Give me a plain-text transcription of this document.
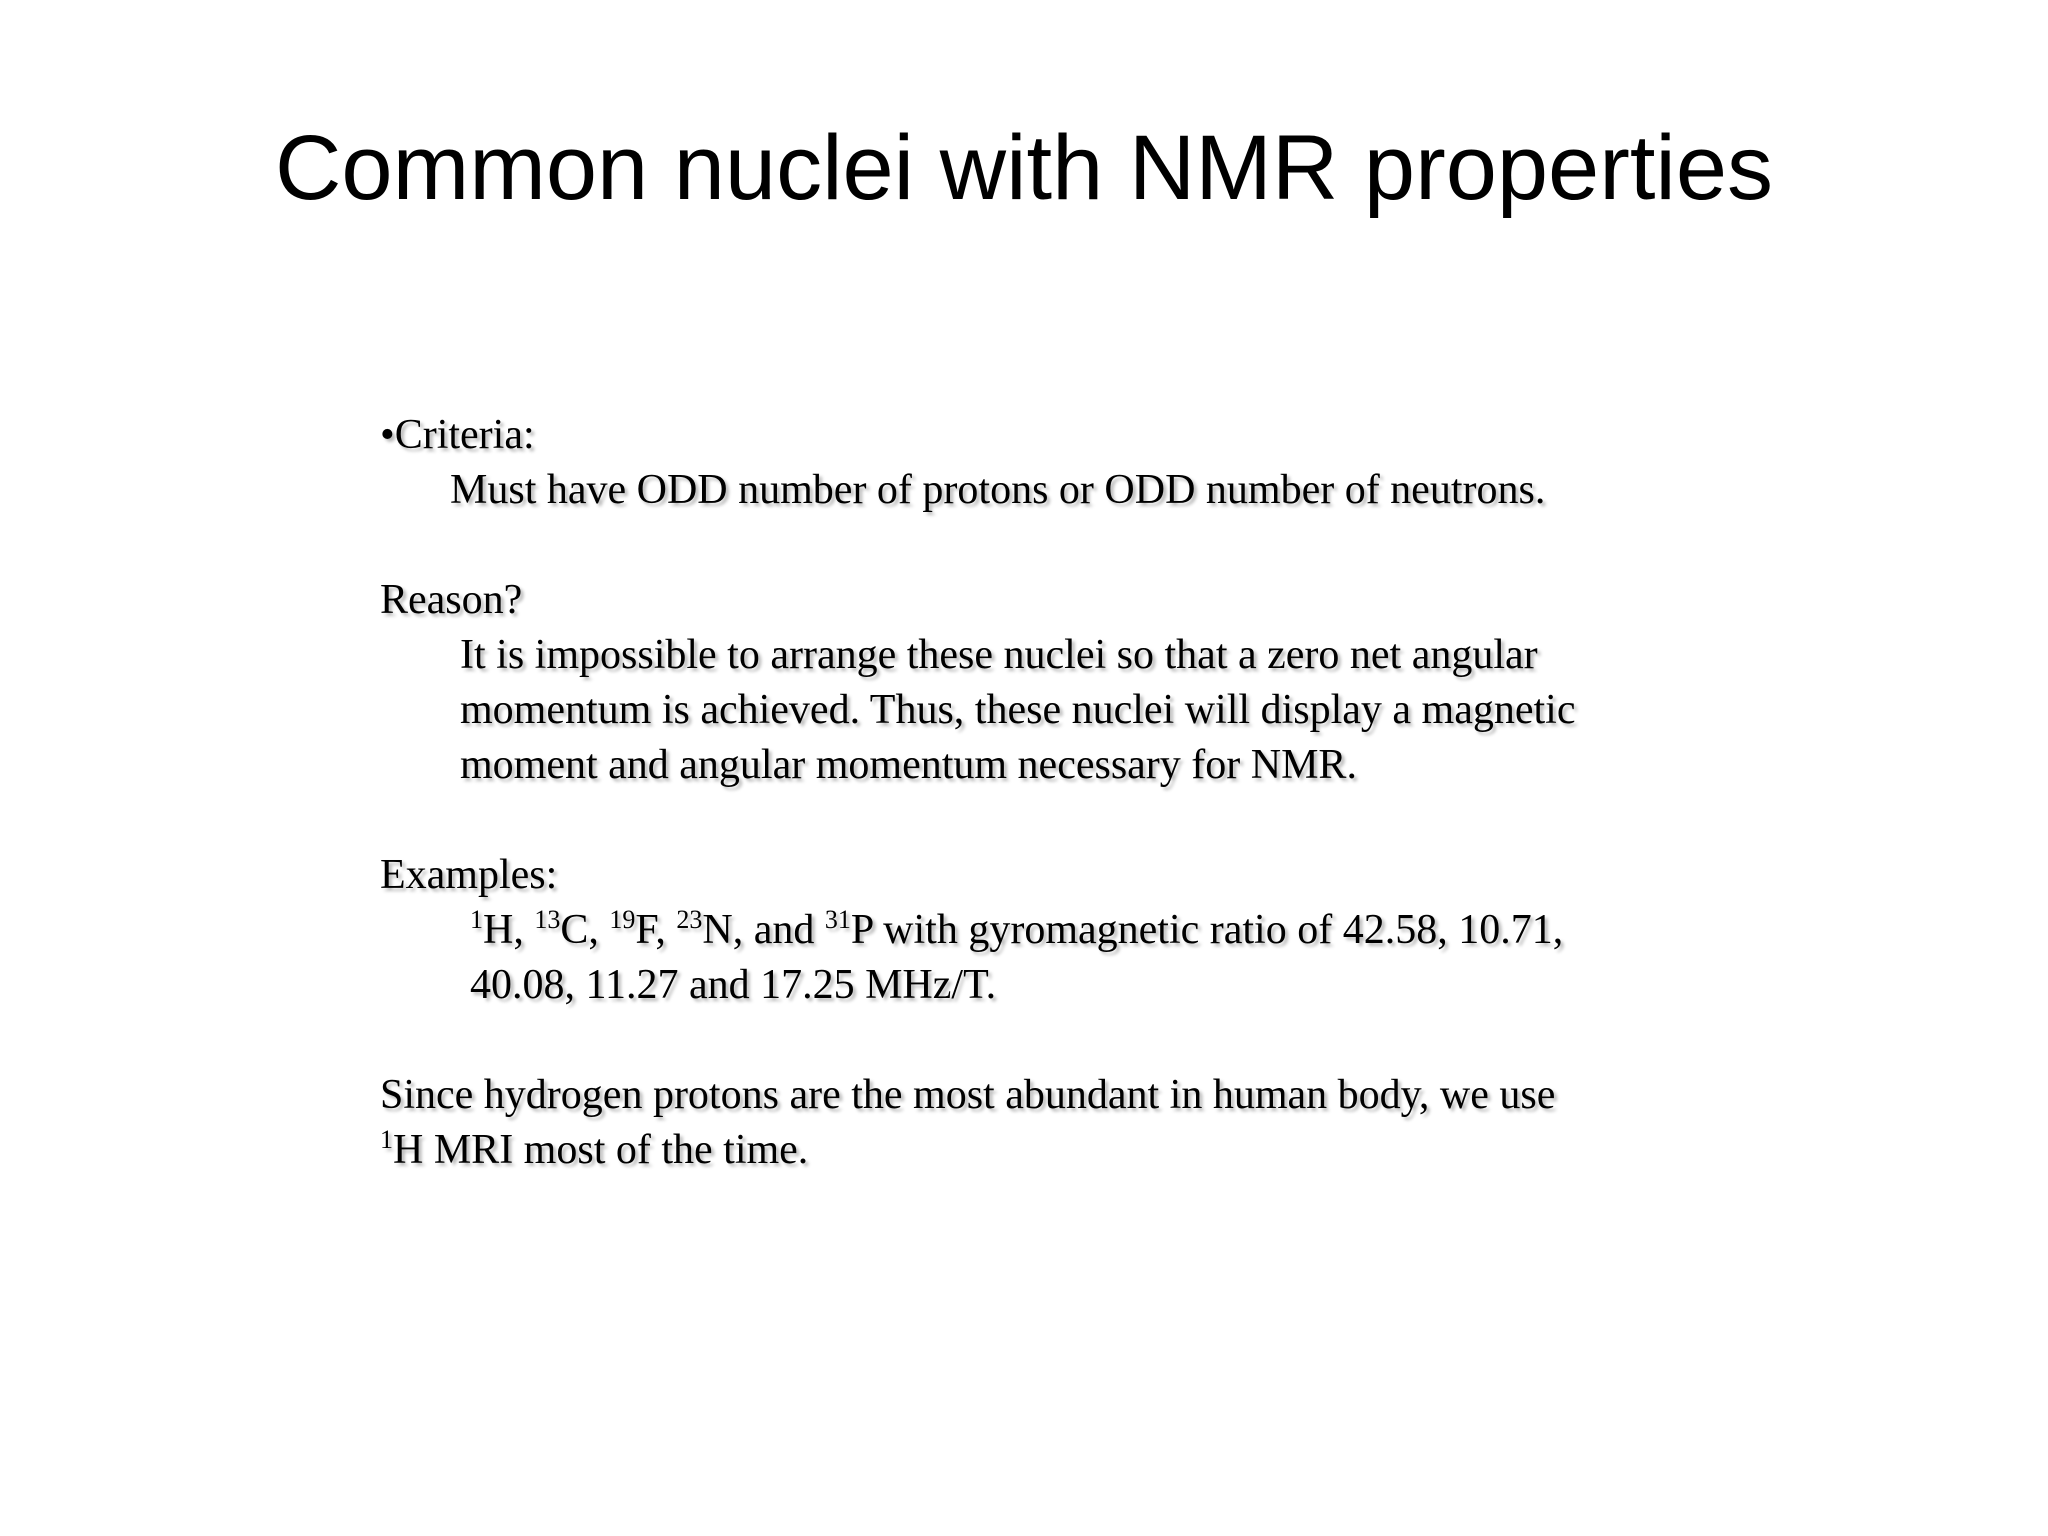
Common nuclei with NMR properties
•Criteria:
Must have ODD number of protons or ODD number of neutrons.
Reason?
It is impossible to arrange these nuclei so that a zero net angular
momentum is achieved. Thus, these nuclei will display a magnetic
moment and angular momentum necessary for NMR.
Examples:
$^1$H, $^{13}$C, $^{19}$F, $^{23}$N, and $^{31}$P with gyromagnetic ratio of 42.58, 10.71,
40.08, 11.27 and 17.25 MHz/T.
Since hydrogen protons are the most abundant in human body, we use
$^1$H MRI most of the time.
